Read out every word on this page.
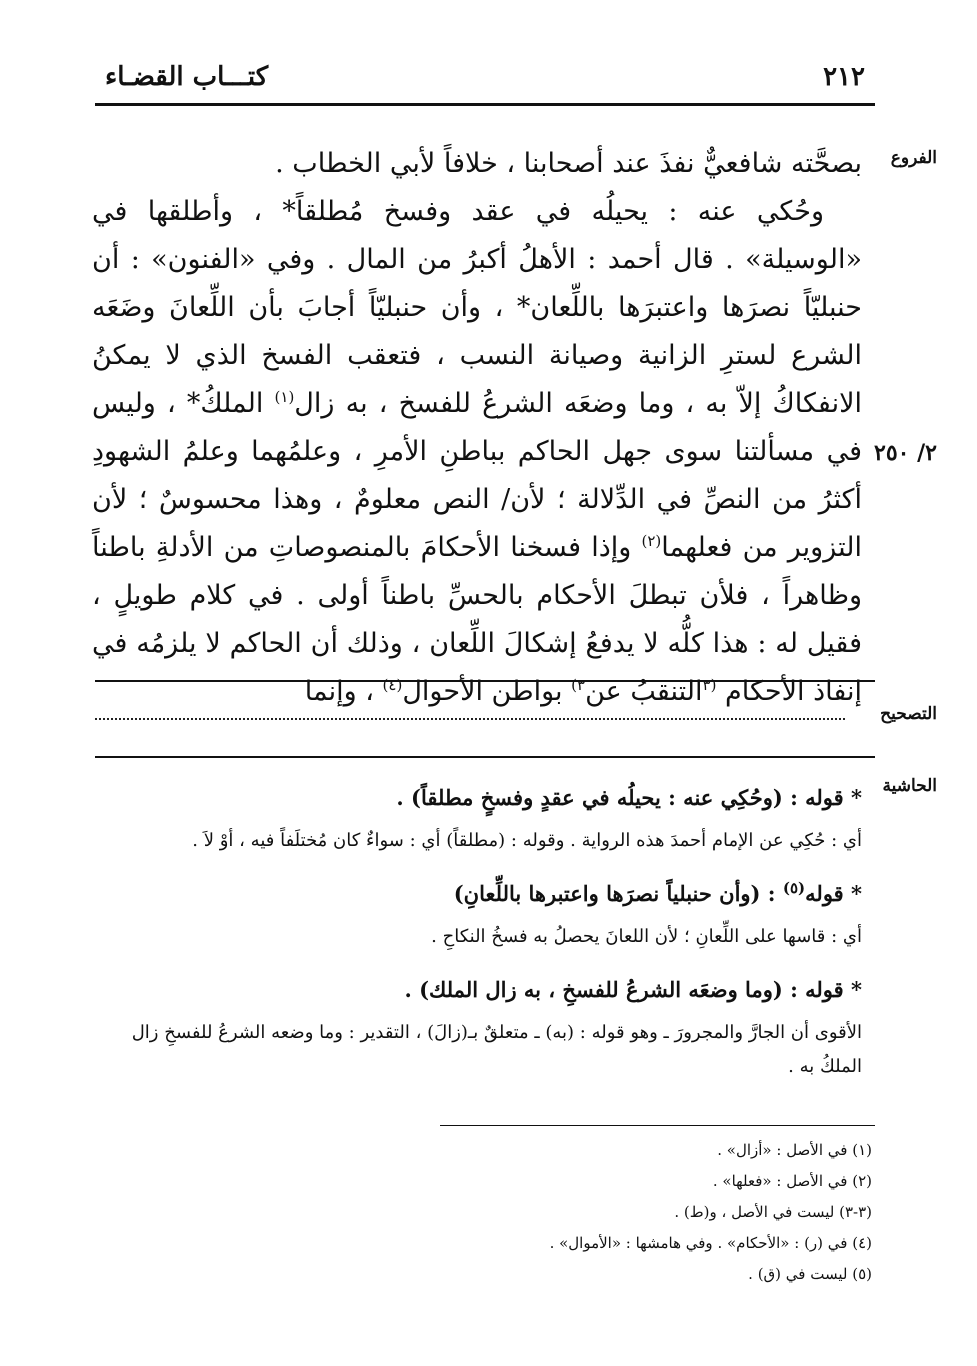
٢١٢
كتـــاب القضـاء
الفروع
٢/ ٢٥٠
التصحيح
الحاشية

بصحَّته شافعيٌّ نفذَ عند أصحابنا ، خلافاً لأبي الخطاب .

وحُكي عنه : يحيلُه في عقد وفسخ مُطلقاً* ، وأطلقها في «الوسيلة» . قال أحمد : الأهلُ أكبرُ من المال . وفي «الفنون» : أن حنبليّاً نصرَها واعتبرَها باللِّعان* ، وأن حنبليّاً أجابَ بأن اللِّعانَ وضَعَه الشرع لسترِ الزانية وصيانة النسب ، فتعقب الفسخ الذي لا يمكنُ الانفكاكُ إلاّ به ، وما وضعَه الشرعُ للفسخ ، به زال$^{(١)}$ الملكُ* ، وليس في مسألتنا سوى جهل الحاكم بباطنِ الأمرِ ، وعلمُهما وعلمُ الشهودِ أكثرُ من النصِّ في الدِّلالة ؛ لأن/ النص معلومٌ ، وهذا محسوسٌ ؛ لأن التزوير من فعلهما$^{(٢)}$ وإذا فسخنا الأحكامَ بالمنصوصاتِ من الأدلةِ باطناً وظاهراً ، فلأن تبطلَ الأحكام بالحسِّ باطناً أولى . في كلام طويلٍ ، فقيل له : هذا كلُّه لا يدفعُ إشكالَ اللِّعان ، وذلك أن الحاكم لا يلزمُه في إنفاذ الأحكام $^{(٣}$التنقبُ عن$^{٣)}$ بواطن الأحوال$^{(٤)}$ ، وإنما

* قوله : (وحُكِي عنه : يحيلُه في عقدٍ وفسخٍ مطلقاً) .

أي : حُكِي عن الإمام أحمدَ هذه الرواية . وقوله : (مطلقاً) أي : سواءٌ كان مُختلَفاً فيه ، أوْ لاَ .

* قوله$^{(٥)}$ : (وأن حنبلياً نصرَها واعتبرها باللِّعانِ)

أي : قاسها على اللِّعانِ ؛ لأن اللعانَ يحصلُ به فسخُ النكاحِ .

* قوله : (وما وضعَه الشرعُ للفسخِ ، به زال الملك) .

الأقوى أن الجارَّ والمجرورَ ـ وهو قوله : (به) ـ متعلقٌ بـ(زالَ) ، التقدير : وما وضعه الشرعُ للفسخِ زال الملكُ به .

(١) في الأصل : «أزال» .
(٢) في الأصل : «فعلها» .
(٣-٣) ليست في الأصل ، و(ط) .
(٤) في (ر) : «الأحكام» . وفي هامشها : «الأموال» .
(٥) ليست في (ق) .
